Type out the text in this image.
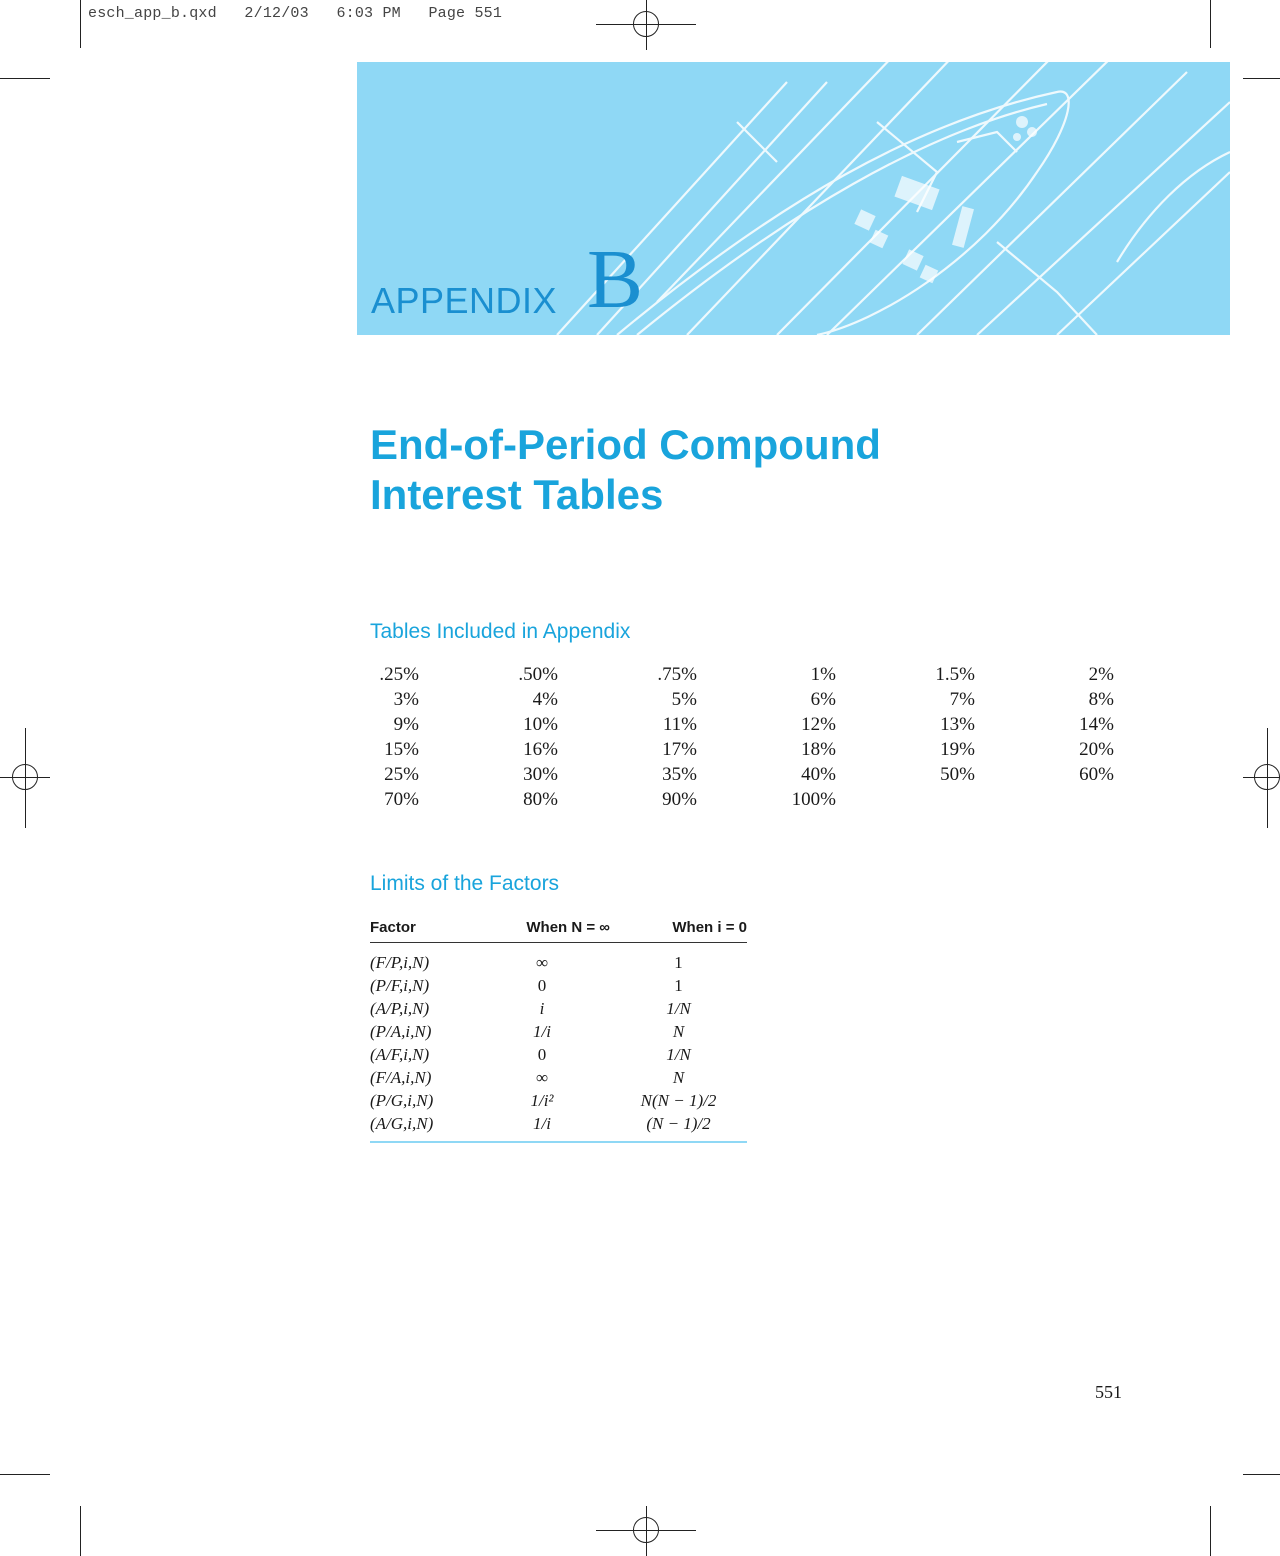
esch_app_b.qxd   2/12/03   6:03 PM   Page 551
APPENDIX B
End-of-Period Compound
Interest Tables
Tables Included in Appendix
.25%	.50%	.75%	1%	1.5%	2%
3%	4%	5%	6%	7%	8%
9%	10%	11%	12%	13%	14%
15%	16%	17%	18%	19%	20%
25%	30%	35%	40%	50%	60%
70%	80%	90%	100%
Limits of the Factors
Factor	When N = ∞	When i = 0
(F/P,i,N)	∞	1
(P/F,i,N)	0	1
(A/P,i,N)	i	1/N
(P/A,i,N)	1/i	N
(A/F,i,N)	0	1/N
(F/A,i,N)	∞	N
(P/G,i,N)	1/i²	N(N − 1)/2
(A/G,i,N)	1/i	(N − 1)/2
551
